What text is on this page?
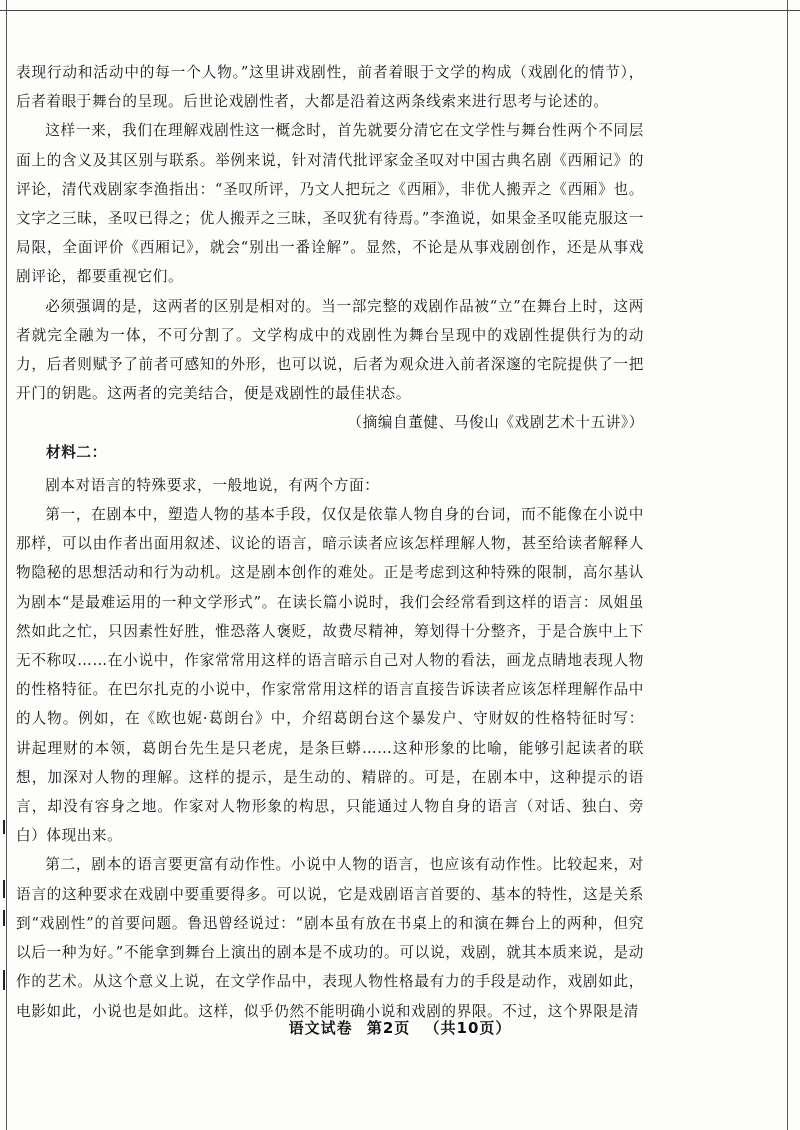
表现行动和活动中的每一个人物。”这里讲戏剧性，前者着眼于文学的构成（戏剧化的情节），后者着眼于舞台的呈现。后世论戏剧性者，大都是沿着这两条线索来进行思考与论述的。

这样一来，我们在理解戏剧性这一概念时，首先就要分清它在文学性与舞台性两个不同层面上的含义及其区别与联系。举例来说，针对清代批评家金圣叹对中国古典名剧《西厢记》的评论，清代戏剧家李渔指出：“圣叹所评，乃文人把玩之《西厢》，非优人搬弄之《西厢》也。文字之三昧，圣叹已得之；优人搬弄之三昧，圣叹犹有待焉。”李渔说，如果金圣叹能克服这一局限，全面评价《西厢记》，就会“别出一番诠解”。显然，不论是从事戏剧创作，还是从事戏剧评论，都要重视它们。

必须强调的是，这两者的区别是相对的。当一部完整的戏剧作品被“立”在舞台上时，这两者就完全融为一体，不可分割了。文学构成中的戏剧性为舞台呈现中的戏剧性提供行为的动力，后者则赋予了前者可感知的外形，也可以说，后者为观众进入前者深邃的宅院提供了一把开门的钥匙。这两者的完美结合，便是戏剧性的最佳状态。

（摘编自董健、马俊山《戏剧艺术十五讲》）

材料二：

剧本对语言的特殊要求，一般地说，有两个方面：

第一，在剧本中，塑造人物的基本手段，仅仅是依靠人物自身的台词，而不能像在小说中那样，可以由作者出面用叙述、议论的语言，暗示读者应该怎样理解人物，甚至给读者解释人物隐秘的思想活动和行为动机。这是剧本创作的难处。正是考虑到这种特殊的限制，高尔基认为剧本“是最难运用的一种文学形式”。在读长篇小说时，我们会经常看到这样的语言：凤姐虽然如此之忙，只因素性好胜，惟恐落人褒贬，故费尽精神，筹划得十分整齐，于是合族中上下无不称叹……在小说中，作家常常用这样的语言暗示自己对人物的看法，画龙点睛地表现人物的性格特征。在巴尔扎克的小说中，作家常常用这样的语言直接告诉读者应该怎样理解作品中的人物。例如，在《欧也妮·葛朗台》中，介绍葛朗台这个暴发户、守财奴的性格特征时写：讲起理财的本领，葛朗台先生是只老虎，是条巨蟒……这种形象的比喻，能够引起读者的联想，加深对人物的理解。这样的提示，是生动的、精辟的。可是，在剧本中，这种提示的语言，却没有容身之地。作家对人物形象的构思，只能通过人物自身的语言（对话、独白、旁白）体现出来。

第二，剧本的语言要更富有动作性。小说中人物的语言，也应该有动作性。比较起来，对语言的这种要求在戏剧中要重要得多。可以说，它是戏剧语言首要的、基本的特性，这是关系到“戏剧性”的首要问题。鲁迅曾经说过：“剧本虽有放在书桌上的和演在舞台上的两种，但究以后一种为好。”不能拿到舞台上演出的剧本是不成功的。可以说，戏剧，就其本质来说，是动作的艺术。从这个意义上说，在文学作品中，表现人物性格最有力的手段是动作，戏剧如此，电影如此，小说也是如此。这样，似乎仍然不能明确小说和戏剧的界限。不过，这个界限是清

语文试卷 第2页 （共10页）
